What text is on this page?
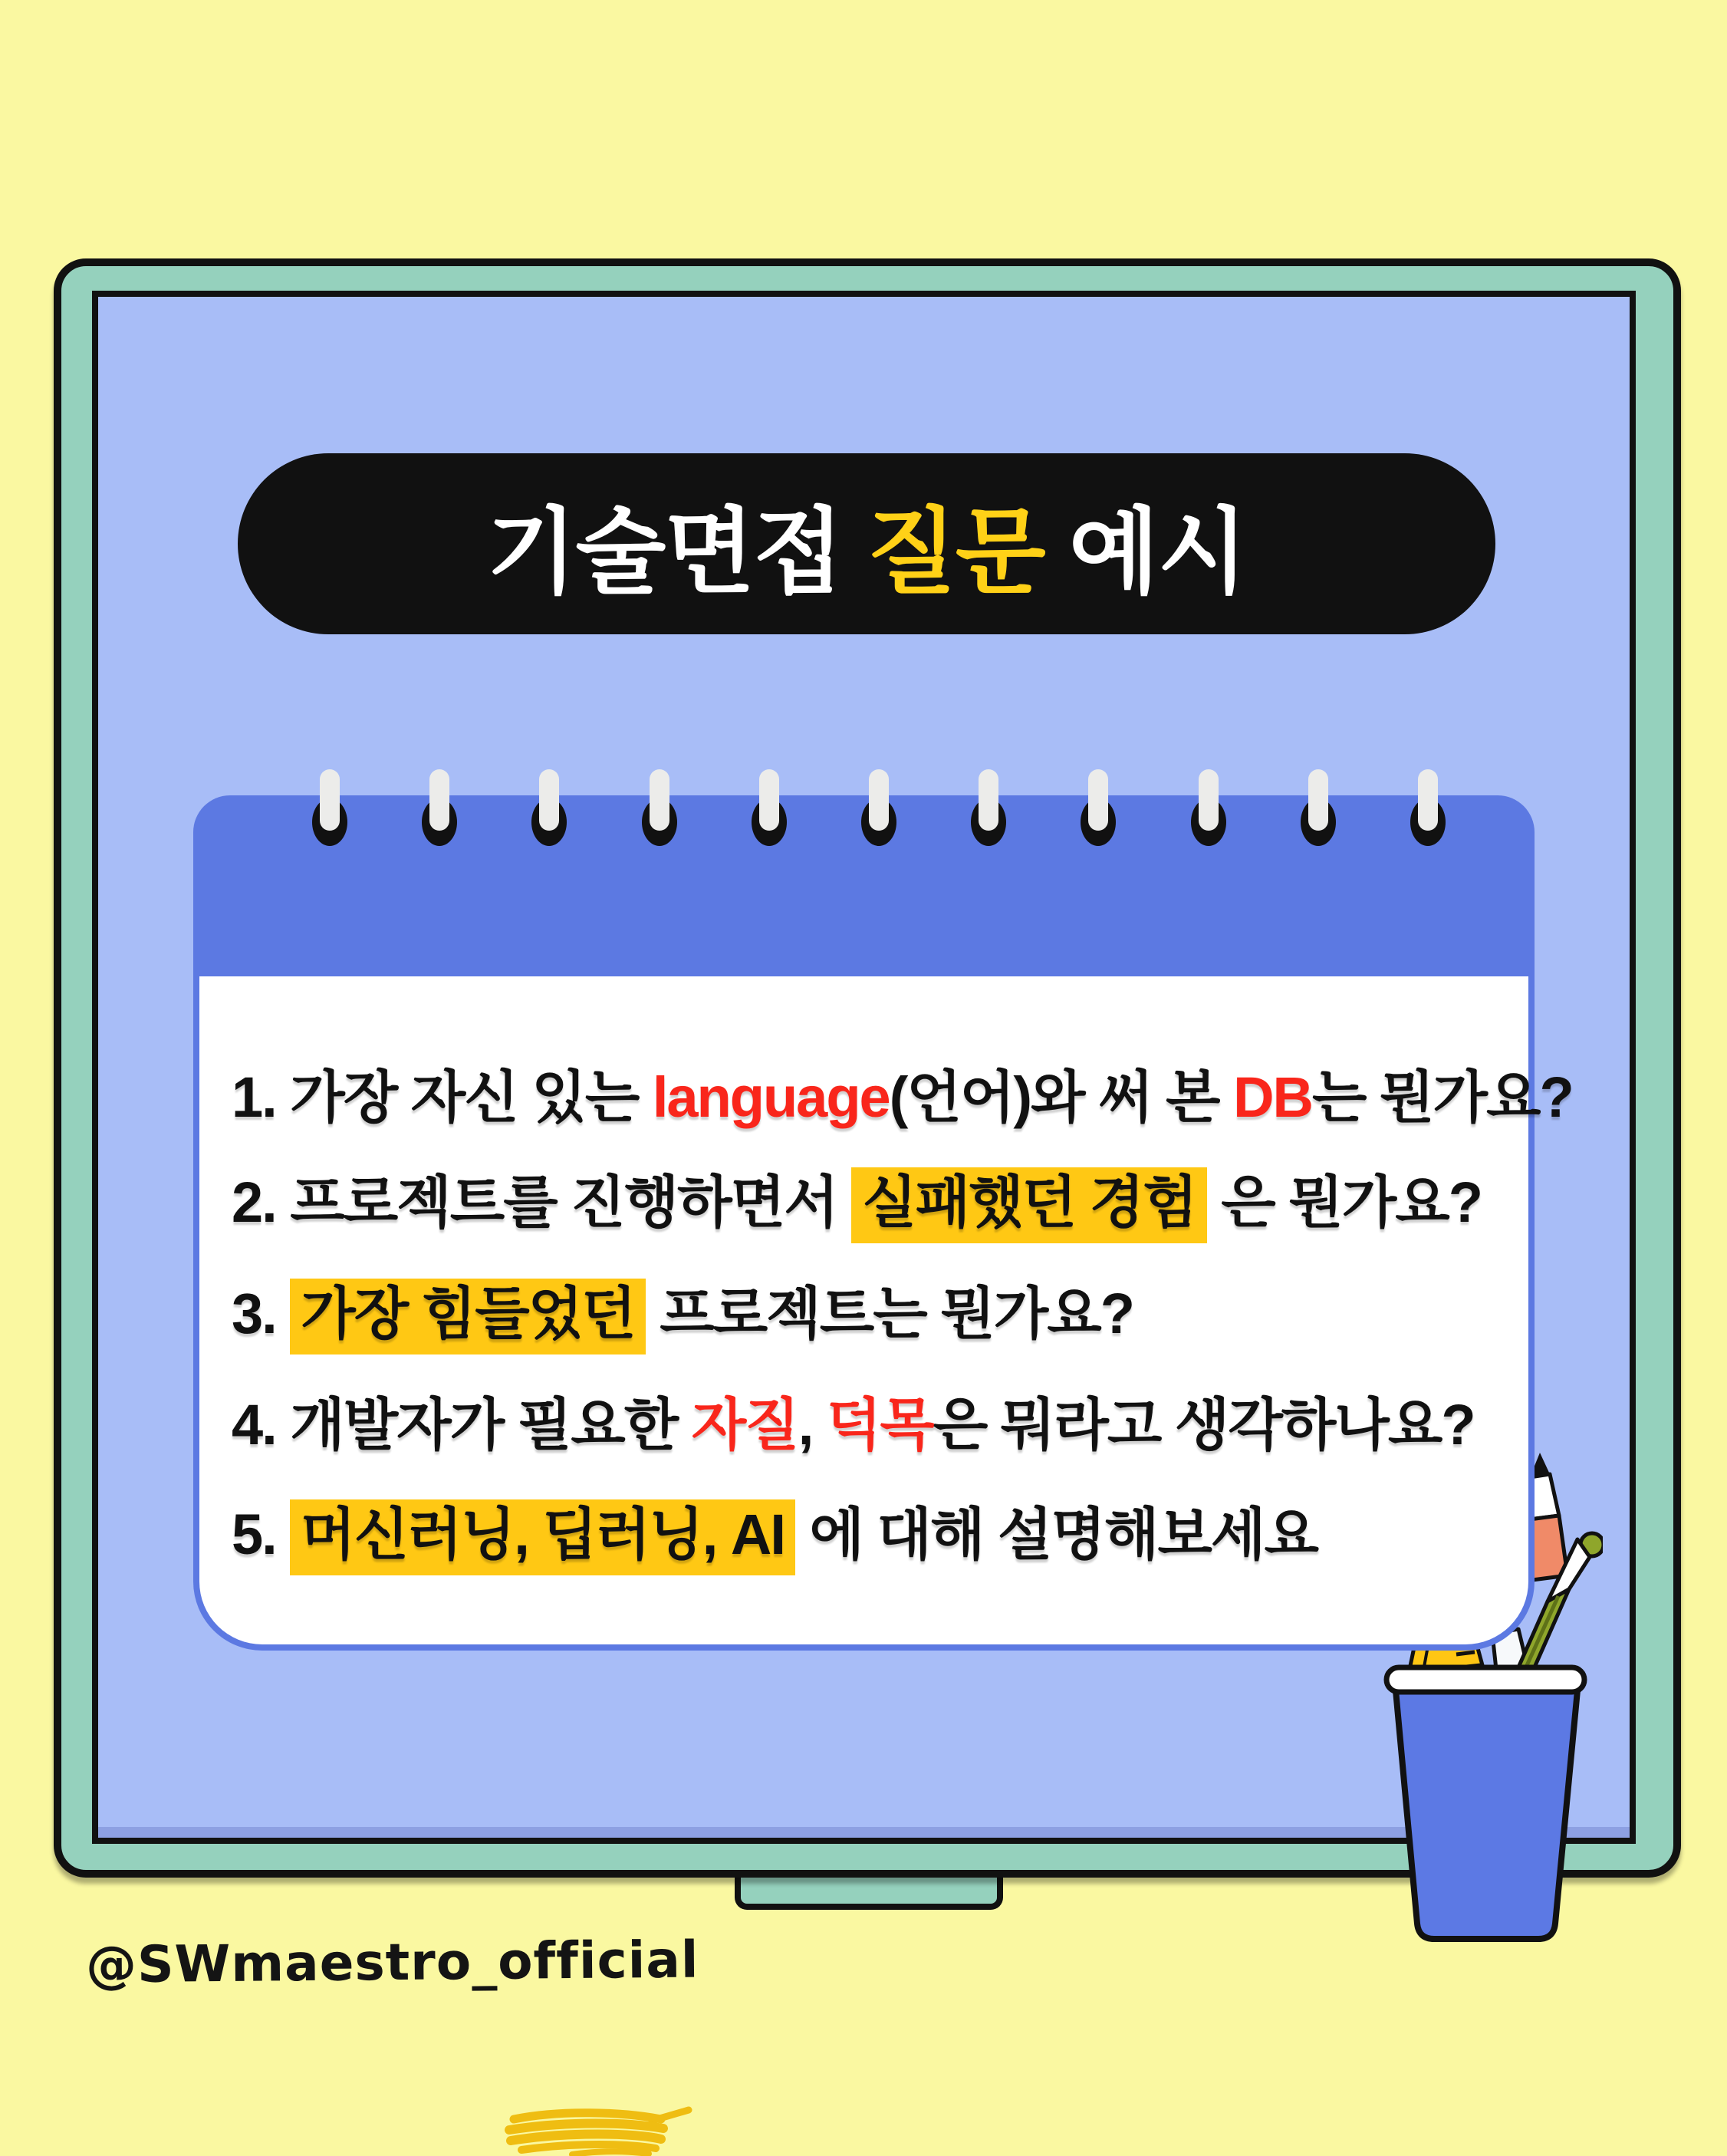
기술면접 질문 예시
1. 가장 자신 있는 language(언어)와 써 본 DB는 뭔가요?
2. 프로젝트를 진행하면서 실패했던 경험 은 뭔가요?
3. 가장 힘들었던 프로젝트는 뭔가요?
4. 개발자가 필요한 자질, 덕목은 뭐라고 생각하나요?
5. 머신러닝, 딥러닝, AI 에 대해 설명해보세요
@SWmaestro_official
